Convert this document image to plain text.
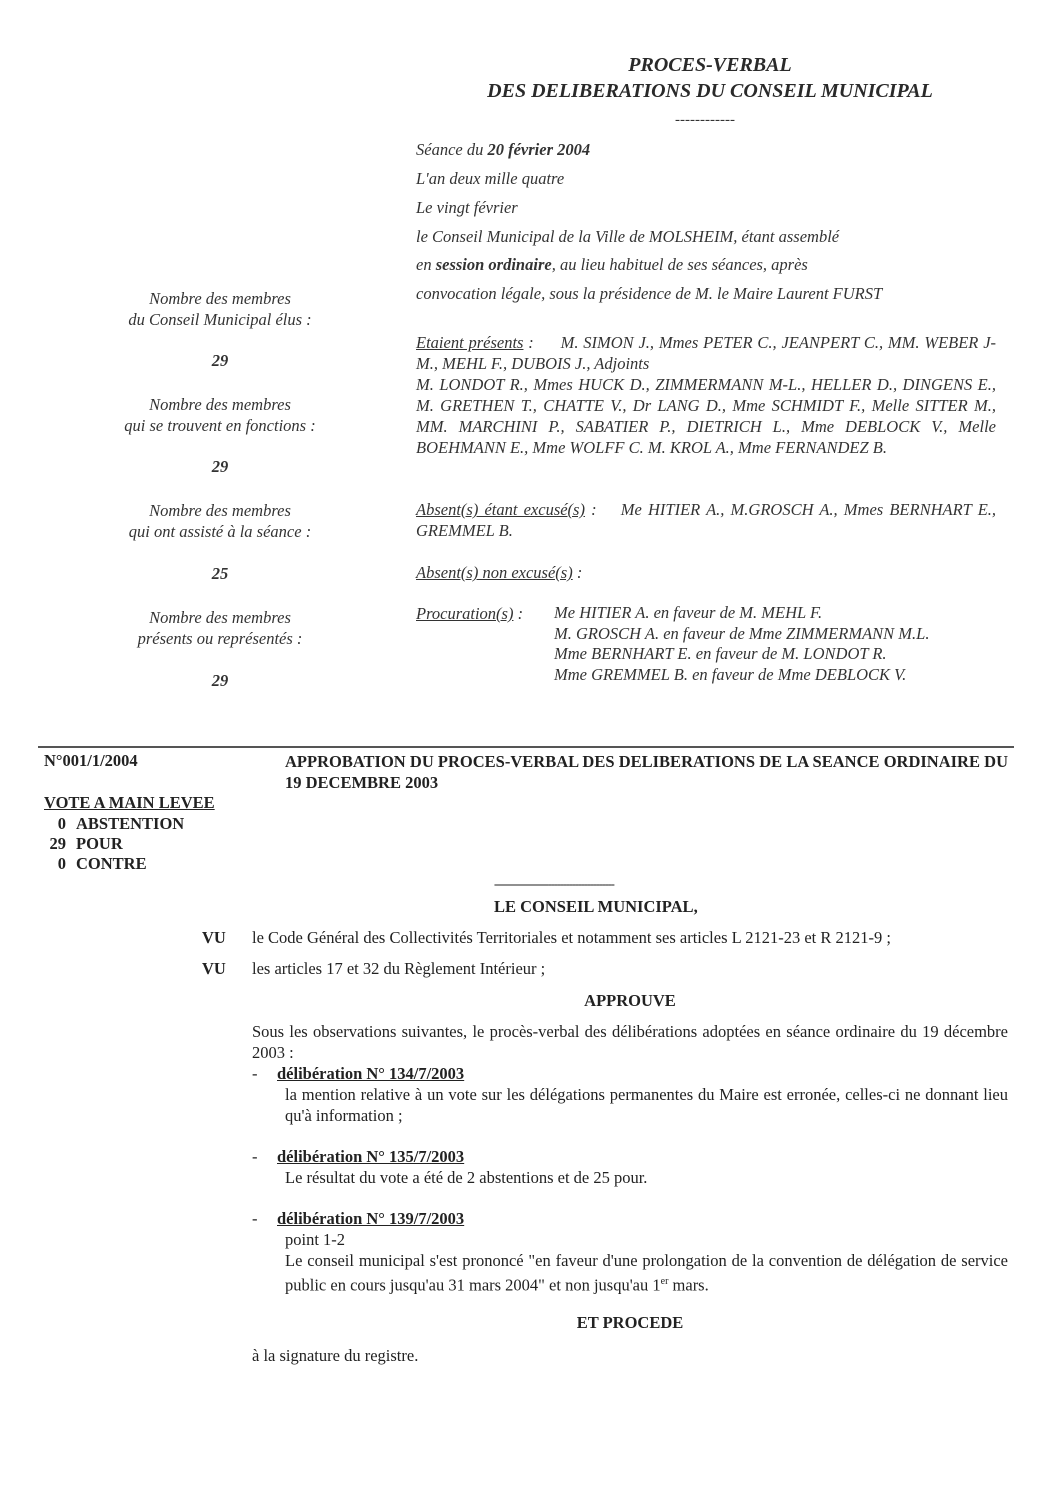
PROCES-VERBAL
DES DELIBERATIONS DU CONSEIL MUNICIPAL
------------
Séance du 20 février 2004
L'an deux mille quatre
Le vingt février
le Conseil Municipal de la Ville de MOLSHEIM, étant assemblé
en session ordinaire, au lieu habituel de ses séances, après
convocation légale, sous la présidence de M. le Maire Laurent FURST
Nombre des membres
du Conseil Municipal élus :
29
Nombre des membres
qui se trouvent en fonctions :
29
Nombre des membres
qui ont assisté à la séance :
25
Nombre des membres
présents ou représentés :
29
Etaient présents : M. SIMON J., Mmes PETER C., JEANPERT C., MM. WEBER J-M., MEHL F., DUBOIS J., Adjoints
M. LONDOT R., Mmes HUCK D., ZIMMERMANN M-L., HELLER D., DINGENS E., M. GRETHEN T., CHATTE V., Dr LANG D., Mme SCHMIDT F., Melle SITTER M., MM. MARCHINI P., SABATIER P., DIETRICH L., Mme DEBLOCK V., Melle BOEHMANN E., Mme WOLFF C. M. KROL A., Mme FERNANDEZ B.
Absent(s) étant excusé(s) : Me HITIER A., M.GROSCH A., Mmes BERNHART E., GREMMEL B.
Absent(s) non excusé(s) :
Procuration(s) :	Me HITIER A. en faveur de M. MEHL F.
M. GROSCH A. en faveur de Mme ZIMMERMANN M.L.
Mme BERNHART E. en faveur de M. LONDOT R.
Mme GREMMEL B. en faveur de Mme DEBLOCK V.
N°001/1/2004	APPROBATION DU PROCES-VERBAL DES DELIBERATIONS DE LA SEANCE ORDINAIRE DU 19 DECEMBRE 2003
VOTE A MAIN LEVEE
0 ABSTENTION
29 POUR
0 CONTRE
----------------------------------------
LE CONSEIL MUNICIPAL,
VU le Code Général des Collectivités Territoriales et notamment ses articles L 2121-23 et R 2121-9 ;
VU les articles 17 et 32 du Règlement Intérieur ;
APPROUVE
Sous les observations suivantes, le procès-verbal des délibérations adoptées en séance ordinaire du 19 décembre 2003 :
- délibération N° 134/7/2003
la mention relative à un vote sur les délégations permanentes du Maire est erronée, celles-ci ne donnant lieu qu'à information ;
- délibération N° 135/7/2003
Le résultat du vote a été de 2 abstentions et de 25 pour.
- délibération N° 139/7/2003
point 1-2
Le conseil municipal s'est prononcé "en faveur d'une prolongation de la convention de délégation de service public en cours jusqu'au 31 mars 2004" et non jusqu'au 1er mars.
ET PROCEDE
à la signature du registre.
